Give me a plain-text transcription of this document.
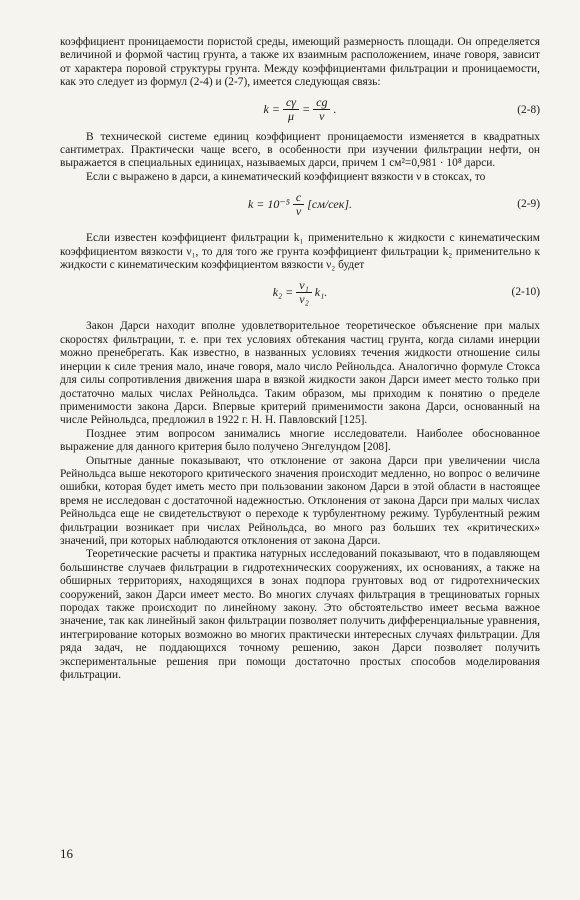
коэффициент проницаемости пористой среды, имеющий размерность площади. Он определяется величиной и формой частиц грунта, а также их взаимным расположением, иначе говоря, зависит от характера поровой структуры грунта. Между коэффициентами фильтрации и проницаемости, как это следует из формул (2-4) и (2-7), имеется следующая связь:

$k = \frac{c\gamma}{\mu} = \frac{cg}{\nu}$ .	(2-8)

В технической системе единиц коэффициент проницаемости изменяется в квадратных сантиметрах. Практически чаще всего, в особенности при изучении фильтрации нефти, он выражается в специальных единицах, называемых дарси, причем 1 см²=0,981 · 10⁸ дарси.

Если c выражено в дарси, а кинематический коэффициент вязкости ν в стоксах, то

$k = 10^{-5} \frac{c}{\nu} [см/сек]$.	(2-9)

Если известен коэффициент фильтрации k₁ применительно к жидкости с кинематическим коэффициентом вязкости ν₁, то для того же грунта коэффициент фильтрации k₂ применительно к жидкости с кинематическим коэффициентом вязкости ν₂ будет

$k_2 = \frac{\text{ν₁}}{\text{ν₂}} k_1$.	(2-10)

Закон Дарси находит вполне удовлетворительное теоретическое объяснение при малых скоростях фильтрации, т. е. при тех условиях обтекания частиц грунта, когда силами инерции можно пренебрегать. Как известно, в названных условиях течения жидкости отношение силы инерции к силе трения мало, иначе говоря, мало число Рейнольдса. Аналогично формуле Стокса для силы сопротивления движения шара в вязкой жидкости закон Дарси имеет место только при достаточно малых числах Рейнольдса. Таким образом, мы приходим к понятию о пределе применимости закона Дарси. Впервые критерий применимости закона Дарси, основанный на числе Рейнольдса, предложил в 1922 г. Н. Н. Павловский [125].

Позднее этим вопросом занимались многие исследователи. Наиболее обоснованное выражение для данного критерия было получено Энгелундом [208].

Опытные данные показывают, что отклонение от закона Дарси при увеличении числа Рейнольдса выше некоторого критического значения происходит медленно, но вопрос о величине ошибки, которая будет иметь место при пользовании законом Дарси в этой области в настоящее время не исследован с достаточной надежностью. Отклонения от закона Дарси при малых числах Рейнольдса еще не свидетельствуют о переходе к турбулентному режиму. Турбулентный режим фильтрации возникает при числах Рейнольдса, во много раз больших тех «критических» значений, при которых наблюдаются отклонения от закона Дарси.

Теоретические расчеты и практика натурных исследований показывают, что в подавляющем большинстве случаев фильтрации в гидротехнических сооружениях, их основаниях, а также на обширных территориях, находящихся в зонах подпора грунтовых вод от гидротехнических сооружений, закон Дарси имеет место. Во многих случаях фильтрация в трещиноватых горных породах также происходит по линейному закону. Это обстоятельство имеет весьма важное значение, так как линейный закон фильтрации позволяет получить дифференциальные уравнения, интегрирование которых возможно во многих практически интересных случаях фильтрации. Для ряда задач, не поддающихся точному решению, закон Дарси позволяет получить экспериментальные решения при помощи достаточно простых способов моделирования фильтрации.

16
